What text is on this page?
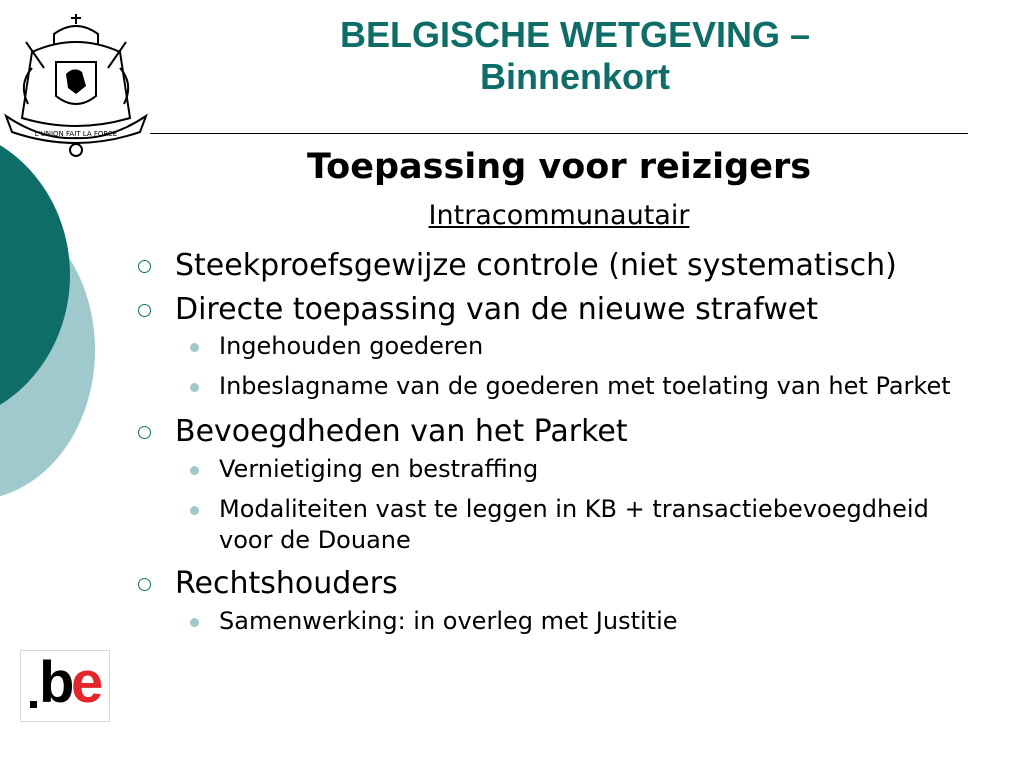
L'UNION FAIT LA FORCE
BELGISCHE WETGEVING –
Binnenkort
Toepassing voor reizigers
Intracommunautair
Steekproefsgewijze controle (niet systematisch)
Directe toepassing van de nieuwe strafwet
Ingehouden goederen
Inbeslagname van de goederen met toelating van het Parket
Bevoegdheden van het Parket
Vernietiging en bestraffing
Modaliteiten vast te leggen in KB + transactiebevoegdheid voor de Douane
Rechtshouders
Samenwerking: in overleg met Justitie
b
e
